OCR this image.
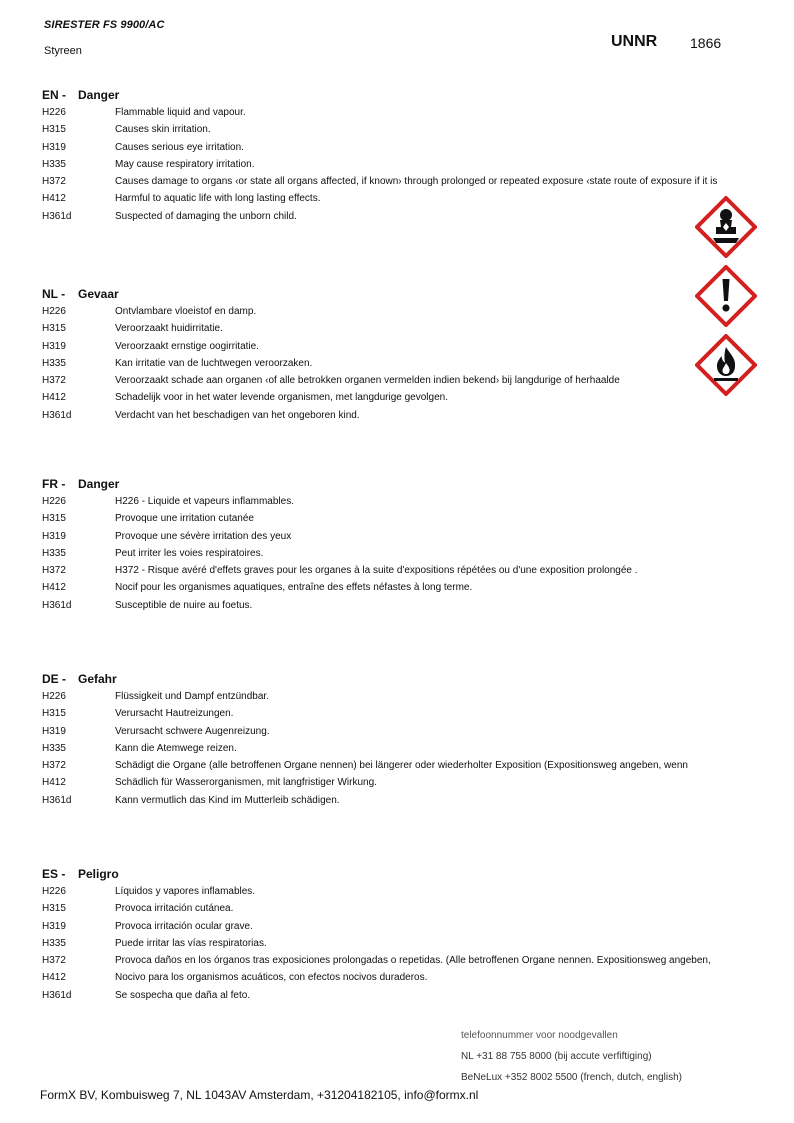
SIRESTER FS 9900/AC
Styreen
UNNR 1866
EN - Danger
H226	Flammable liquid and vapour.
H315	Causes skin irritation.
H319	Causes serious eye irritation.
H335	May cause respiratory irritation.
H372	Causes damage to organs ‹or state all organs affected, if known› through prolonged or repeated exposure ‹state route of exposure if it is
H412	Harmful to aquatic life with long lasting effects.
H361d	Suspected of damaging the unborn child.
NL - Gevaar
H226	Ontvlambare vloeistof en damp.
H315	Veroorzaakt huidirritatie.
H319	Veroorzaakt ernstige oogirritatie.
H335	Kan irritatie van de luchtwegen veroorzaken.
H372	Veroorzaakt schade aan organen ‹of alle betrokken organen vermelden indien bekend› bij langdurige of herhaalde
H412	Schadelijk voor in het water levende organismen, met langdurige gevolgen.
H361d	Verdacht van het beschadigen van het ongeboren kind.
FR - Danger
H226	H226 - Liquide et vapeurs inflammables.
H315	Provoque une irritation cutanée
H319	Provoque une sévère irritation des yeux
H335	Peut irriter les voies respiratoires.
H372	H372 - Risque avéré d'effets graves pour les organes à la suite d'expositions répétées ou d'une exposition prolongée .
H412	Nocif pour les organismes aquatiques, entraîne des effets néfastes à long terme.
H361d	Susceptible de nuire au foetus.
DE - Gefahr
H226	Flüssigkeit und Dampf entzündbar.
H315	Verursacht Hautreizungen.
H319	Verursacht schwere Augenreizung.
H335	Kann die Atemwege reizen.
H372	Schädigt die Organe (alle betroffenen Organe nennen) bei längerer oder wiederholter Exposition (Expositionsweg angeben, wenn
H412	Schädlich für Wasserorganismen, mit langfristiger Wirkung.
H361d	Kann vermutlich das Kind im Mutterleib schädigen.
ES - Peligro
H226	Líquidos y vapores inflamables.
H315	Provoca irritación cutánea.
H319	Provoca irritación ocular grave.
H335	Puede irritar las vías respiratorias.
H372	Provoca daños en los órganos tras exposiciones prolongadas o repetidas. (Alle betroffenen Organe nennen. Expositionsweg angeben,
H412	Nocivo para los organismos acuáticos, con efectos nocivos duraderos.
H361d	Se sospecha que daña al feto.
telefoonnummer voor noodgevallen
NL +31 88 755 8000 (bij accute verfiftiging)
BeNeLux +352 8002 5500 (french, dutch, english)
FormX BV, Kombuisweg 7, NL 1043AV Amsterdam, +31204182105, info@formx.nl
